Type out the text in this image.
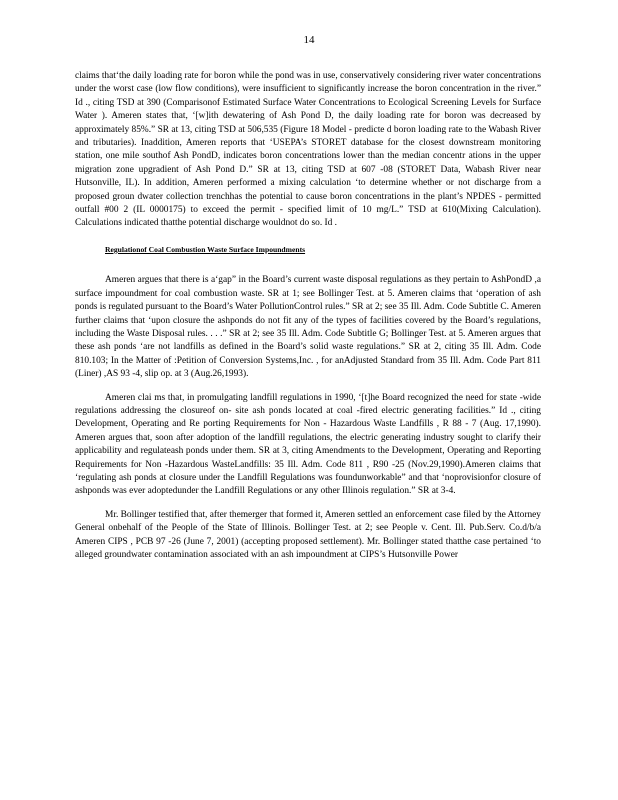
14

claims that‘the daily loading rate for boron while the pond was in use, conservatively considering river water concentrations under the worst case (low flow conditions), were insufficient to significantly increase the boron concentration in the river.” Id ., citing TSD at 390 (Comparisonof Estimated Surface Water Concentrations to Ecological Screening Levels for Surface Water ). Ameren states that, ‘[w]ith dewatering of Ash Pond D, the daily loading rate for boron was decreased by approximately 85%.” SR at 13, citing TSD at 506,535 (Figure 18 Model - predicte d boron loading rate to the Wabash River and tributaries). Inaddition, Ameren reports that ‘USEPA’s STORET database for the closest downstream monitoring station, one mile southof Ash PondD, indicates boron concentrations lower than the median concentr ations in the upper migration zone upgradient of Ash Pond D.” SR at 13, citing TSD at 607 -08 (STORET Data, Wabash River near Hutsonville, IL). In addition, Ameren performed a mixing calculation ‘to determine whether or not discharge from a proposed groun dwater collection trenchhas the potential to cause boron concentrations in the plant’s NPDES - permitted outfall #00 2 (IL 0000175) to exceed the permit - specified limit of 10 mg/L.” TSD at 610(Mixing Calculation). Calculations indicated thatthe potential discharge wouldnot do so. Id .

Regulationof Coal Combustion Waste Surface Impoundments

Ameren argues that there is a‘gap” in the Board’s current waste disposal regulations as they pertain to AshPondD ,a surface impoundment for coal combustion waste. SR at 1; see Bollinger Test. at 5. Ameren claims that ‘operation of ash ponds is regulated pursuant to the Board’s Water PollutionControl rules.” SR at 2; see 35 Ill. Adm. Code Subtitle C. Ameren further claims that ‘upon closure the ashponds do not fit any of the types of facilities covered by the Board’s regulations, including the Waste Disposal rules. . . .” SR at 2; see 35 Ill. Adm. Code Subtitle G; Bollinger Test. at 5. Ameren argues that these ash ponds ‘are not landfills as defined in the Board’s solid waste regulations.” SR at 2, citing 35 Ill. Adm. Code 810.103; In the Matter of :Petition of Conversion Systems,Inc. , for anAdjusted Standard from 35 Ill. Adm. Code Part 811 (Liner) ,AS 93 -4, slip op. at 3 (Aug.26,1993).

Ameren clai ms that, in promulgating landfill regulations in 1990, ‘[t]he Board recognized the need for state -wide regulations addressing the closureof on- site ash ponds located at coal -fired electric generating facilities.” Id ., citing Development, Operating and Re porting Requirements for Non - Hazardous Waste Landfills , R 88 - 7 (Aug. 17,1990). Ameren argues that, soon after adoption of the landfill regulations, the electric generating industry sought to clarify their applicability and regulateash ponds under them. SR at 3, citing Amendments to the Development, Operating and Reporting Requirements for Non -Hazardous WasteLandfills: 35 Ill. Adm. Code 811 , R90 -25 (Nov.29,1990).Ameren claims that ‘regulating ash ponds at closure under the Landfill Regulations was foundunworkable” and that ‘noprovisionfor closure of ashponds was ever adoptedunder the Landfill Regulations or any other Illinois regulation.” SR at 3-4.

Mr. Bollinger testified that, after themerger that formed it, Ameren settled an enforcement case filed by the Attorney General onbehalf of the People of the State of Illinois. Bollinger Test. at 2; see People v. Cent. Ill. Pub.Serv. Co.d/b/a Ameren CIPS , PCB 97 -26 (June 7, 2001) (accepting proposed settlement). Mr. Bollinger stated thatthe case pertained ‘to alleged groundwater contamination associated with an ash impoundment at CIPS’s Hutsonville Power
